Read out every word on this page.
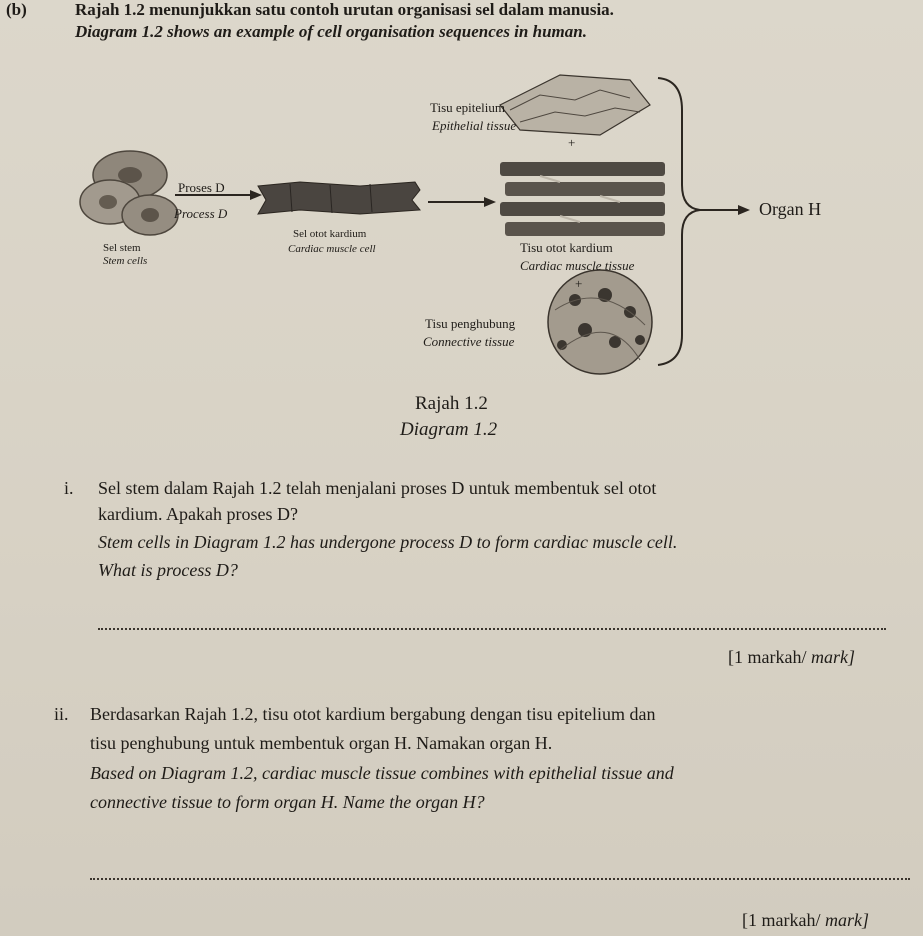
(b)	Rajah 1.2 menunjukkan satu contoh urutan organisasi sel dalam manusia.
Diagram 1.2 shows an example of cell organisation sequences in human.
Tisu epitelium
Epithelial tissue
+
Proses D
Process D
Sel otot kardium
Cardiac muscle cell
Sel stem
Stem cells
Tisu otot kardium
Cardiac muscle tissue
+
Tisu penghubung
Connective tissue
Organ H
Rajah 1.2
Diagram 1.2
i. Sel stem dalam Rajah 1.2 telah menjalani proses D untuk membentuk sel otot
kardium. Apakah proses D?
Stem cells in Diagram 1.2 has undergone process D to form cardiac muscle cell.
What is process D?
[1 markah/ mark]
ii. Berdasarkan Rajah 1.2, tisu otot kardium bergabung dengan tisu epitelium dan
tisu penghubung untuk membentuk organ H. Namakan organ H.
Based on Diagram 1.2, cardiac muscle tissue combines with epithelial tissue and
connective tissue to form organ H. Name the organ H?
[1 markah/ mark]
